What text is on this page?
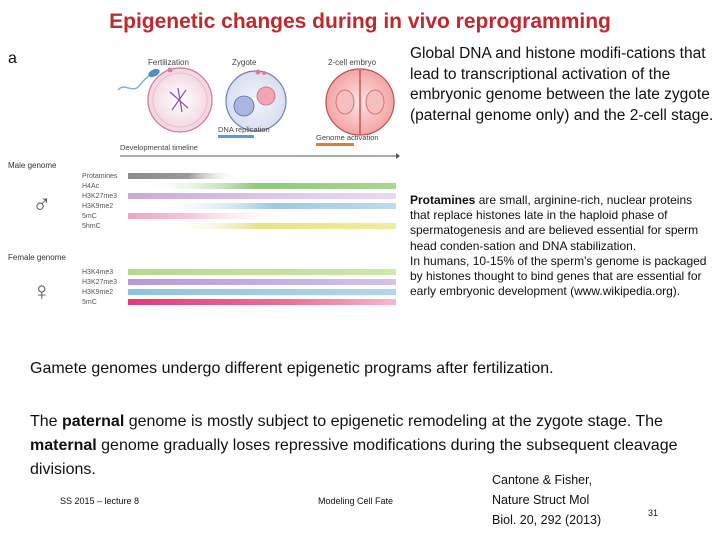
Epigenetic changes during in vivo reprogramming
a	Fertilization	Zygote	2-cell embryo
DNA replication
Genome activation
Developmental timeline
Male genome
♂
Protamines
H4Ac
H3K27me3
H3K9me2
5mC
5hmC
Female genome
♀
H3K4me3
H3K27me3
H3K9me2
5mC
Global DNA and histone modifi-cations that lead to transcriptional activation of the embryonic genome between the late zygote (paternal genome only) and the 2-cell stage.
Protamines are small, arginine-rich, nuclear proteins that replace histones late in the haploid phase of spermatogenesis and are believed essential for sperm head conden-sation and DNA stabilization.
In humans, 10-15% of the sperm's genome is packaged by histones thought to bind genes that are essential for early embryonic development (www.wikipedia.org).
Gamete genomes undergo different epigenetic programs after fertilization.
The paternal genome is mostly subject to epigenetic remodeling at the zygote stage. The maternal genome gradually loses repressive modifications during the subsequent cleavage divisions.
SS 2015 – lecture 8	Modeling Cell Fate
Cantone & Fisher,
Nature Struct Mol
Biol. 20, 292 (2013)	31
